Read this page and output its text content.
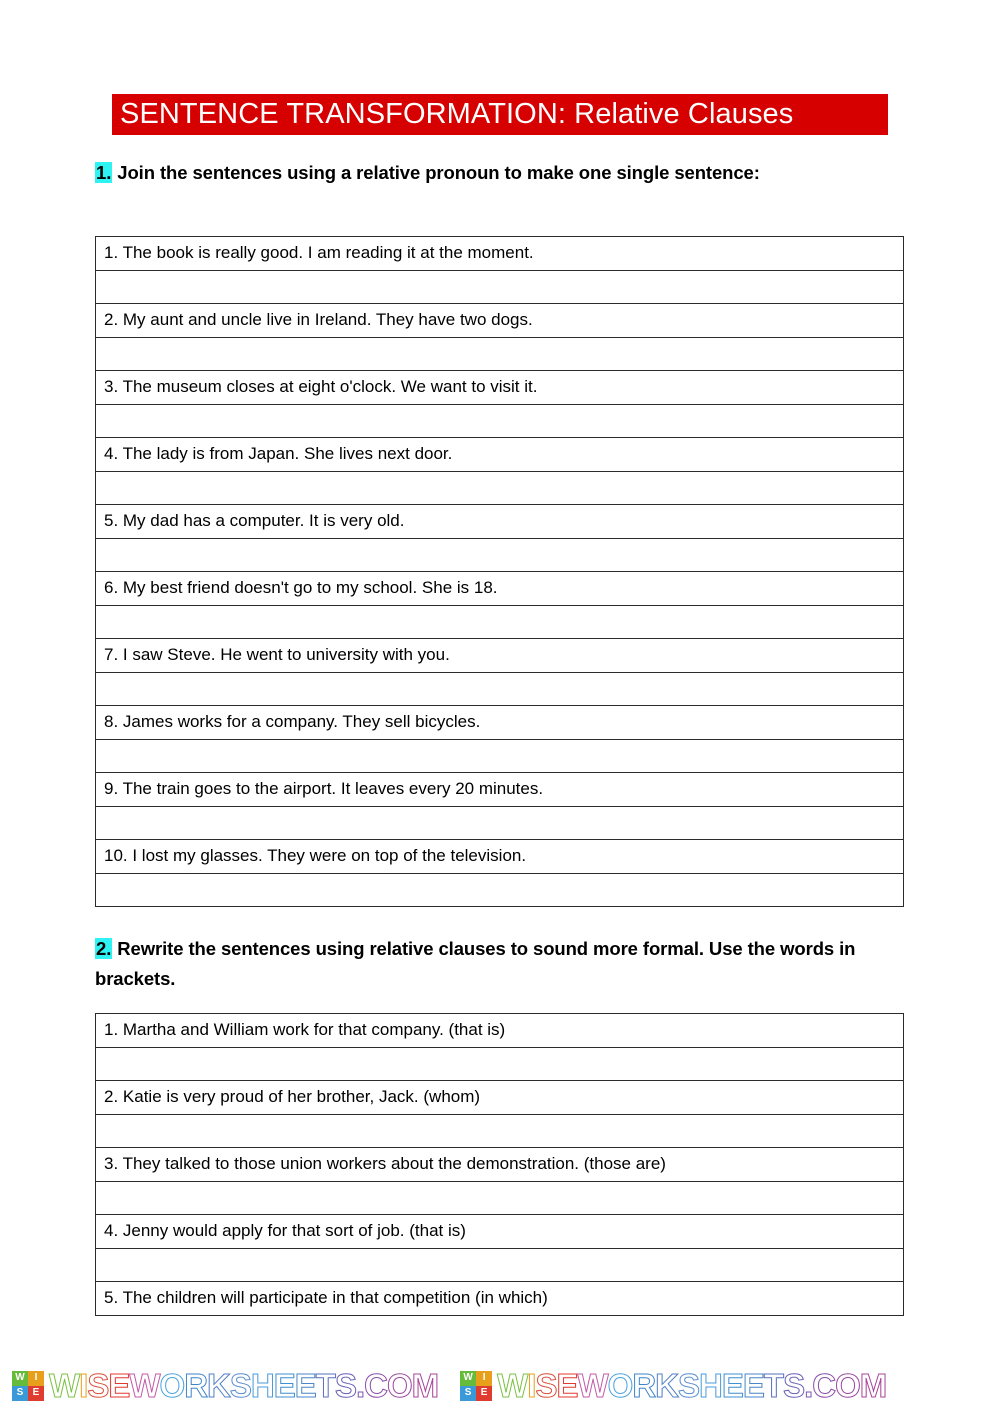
SENTENCE TRANSFORMATION: Relative Clauses
1. Join the sentences using a relative pronoun to make one single sentence:
1. The book is really good. I am reading it at the moment.

2. My aunt and uncle live in Ireland. They have two dogs.

3. The museum closes at eight o'clock. We want to visit it.

4. The lady is from Japan. She lives next door.

5. My dad has a computer. It is very old.

6. My best friend doesn't go to my school. She is 18.

7. I saw Steve. He went to university with you.

8. James works for a company. They sell bicycles.

9. The train goes to the airport. It leaves every 20 minutes.

10. I lost my glasses. They were on top of the television.

2. Rewrite the sentences using relative clauses to sound more formal. Use the words in brackets.
1. Martha and William work for that company. (that is)

2. Katie is very proud of her brother, Jack. (whom)

3. They talked to those union workers about the demonstration. (those are)

4. Jenny would apply for that sort of job. (that is)

5. The children will participate in that competition (in which)
W I
S E W I S E W O R K S H E E T S . C O M	W I
S E W I S E W O R K S H E E T S . C O M
